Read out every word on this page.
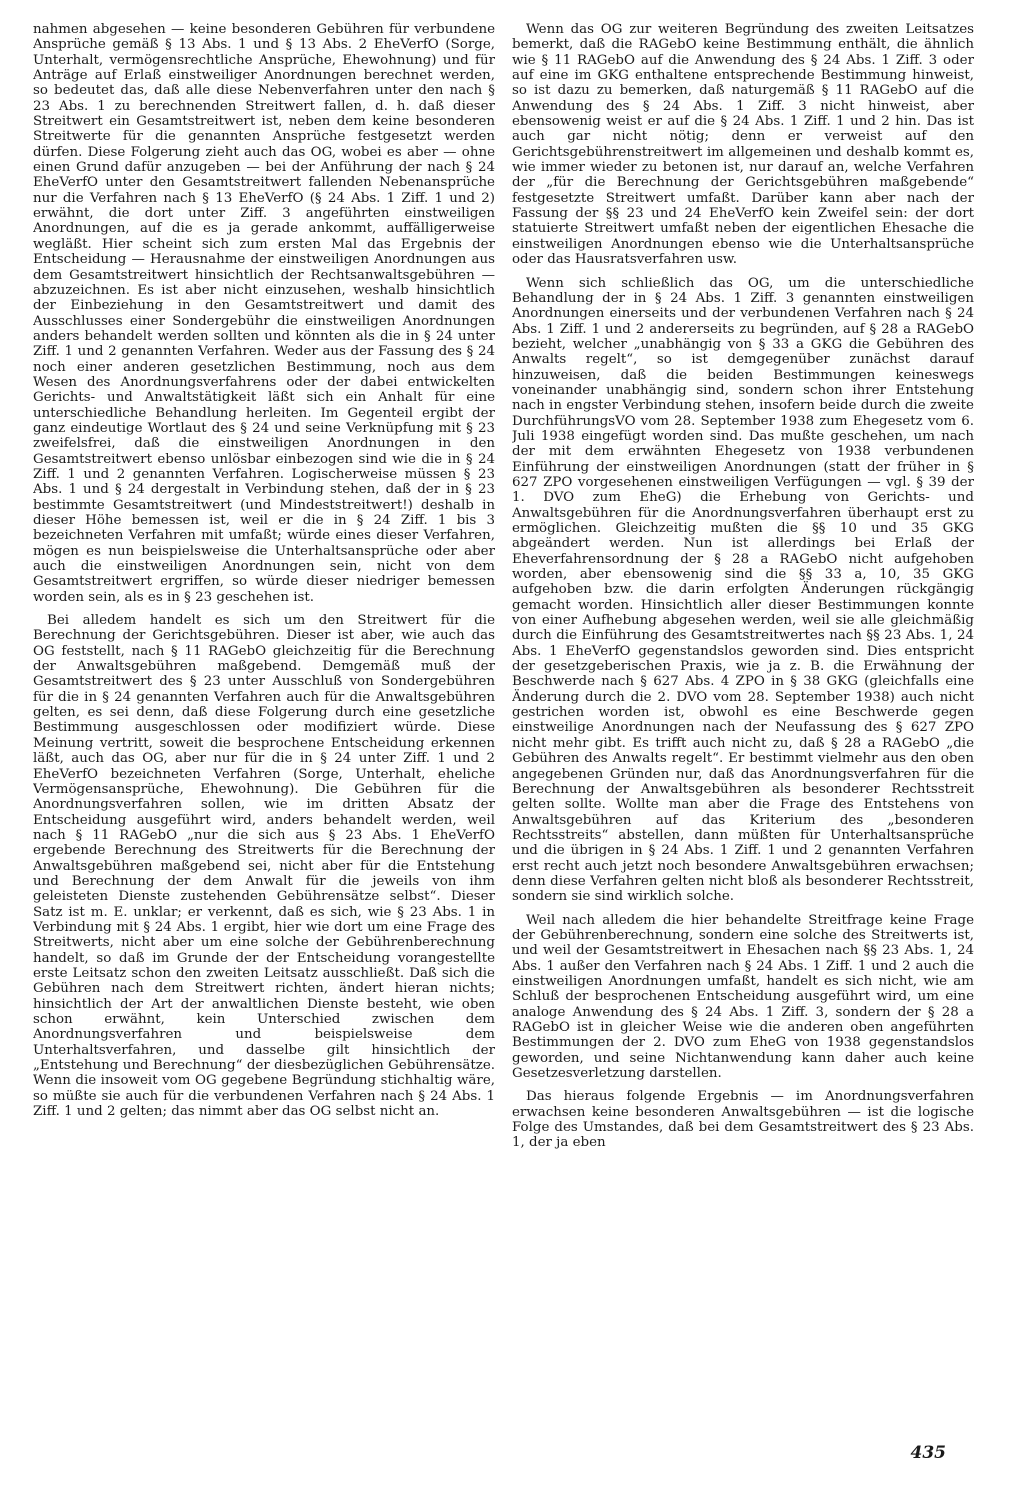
nahmen abgesehen — keine besonderen Gebühren für verbundene Ansprüche gemäß § 13 Abs. 1 und § 13 Abs. 2 EheVerfO (Sorge, Unterhalt, vermögensrechtliche Ansprüche, Ehewohnung) und für Anträge auf Erlaß einstweiliger Anordnungen berechnet werden, so bedeutet das, daß alle diese Nebenverfahren unter den nach § 23 Abs. 1 zu berechnenden Streitwert fallen, d. h. daß dieser Streitwert ein Gesamtstreitwert ist, neben dem keine besonderen Streitwerte für die genannten Ansprüche festgesetzt werden dürfen. Diese Folgerung zieht auch das OG, wobei es aber — ohne einen Grund dafür anzugeben — bei der Anführung der nach § 24 EheVerfO unter den Gesamtstreitwert fallenden Nebenansprüche nur die Verfahren nach § 13 EheVerfO (§ 24 Abs. 1 Ziff. 1 und 2) erwähnt, die dort unter Ziff. 3 angeführten einstweiligen Anordnungen, auf die es ja gerade ankommt, auffälligerweise wegläßt. Hier scheint sich zum ersten Mal das Ergebnis der Entscheidung — Herausnahme der einstweiligen Anordnungen aus dem Gesamtstreitwert hinsichtlich der Rechtsanwaltsgebühren — abzuzeichnen. Es ist aber nicht einzusehen, weshalb hinsichtlich der Einbeziehung in den Gesamtstreitwert und damit des Ausschlusses einer Sondergebühr die einstweiligen Anordnungen anders behandelt werden sollten und könnten als die in § 24 unter Ziff. 1 und 2 genannten Verfahren. Weder aus der Fassung des § 24 noch einer anderen gesetzlichen Bestimmung, noch aus dem Wesen des Anordnungsverfahrens oder der dabei entwickelten Gerichts- und Anwaltstätigkeit läßt sich ein Anhalt für eine unterschiedliche Behandlung herleiten. Im Gegenteil ergibt der ganz eindeutige Wortlaut des § 24 und seine Verknüpfung mit § 23 zweifelsfrei, daß die einstweiligen Anordnungen in den Gesamtstreitwert ebenso unlösbar einbezogen sind wie die in § 24 Ziff. 1 und 2 genannten Verfahren. Logischerweise müssen § 23 Abs. 1 und § 24 dergestalt in Verbindung stehen, daß der in § 23 bestimmte Gesamtstreitwert (und Mindeststreitwert!) deshalb in dieser Höhe bemessen ist, weil er die in § 24 Ziff. 1 bis 3 bezeichneten Verfahren mit umfaßt; würde eines dieser Verfahren, mögen es nun beispielsweise die Unterhaltsansprüche oder aber auch die einstweiligen Anordnungen sein, nicht von dem Gesamtstreitwert ergriffen, so würde dieser niedriger bemessen worden sein, als es in § 23 geschehen ist.

Bei alledem handelt es sich um den Streitwert für die Berechnung der Gerichtsgebühren. Dieser ist aber, wie auch das OG feststellt, nach § 11 RAGebO gleichzeitig für die Berechnung der Anwaltsgebühren maßgebend. Demgemäß muß der Gesamtstreitwert des § 23 unter Ausschluß von Sondergebühren für die in § 24 genannten Verfahren auch für die Anwaltsgebühren gelten, es sei denn, daß diese Folgerung durch eine gesetzliche Bestimmung ausgeschlossen oder modifiziert würde. Diese Meinung vertritt, soweit die besprochene Entscheidung erkennen läßt, auch das OG, aber nur für die in § 24 unter Ziff. 1 und 2 EheVerfO bezeichneten Verfahren (Sorge, Unterhalt, eheliche Vermögensansprüche, Ehewohnung). Die Gebühren für die Anordnungsverfahren sollen, wie im dritten Absatz der Entscheidung ausgeführt wird, anders behandelt werden, weil nach § 11 RAGebO „nur die sich aus § 23 Abs. 1 EheVerfO ergebende Berechnung des Streitwerts für die Berechnung der Anwaltsgebühren maßgebend sei, nicht aber für die Entstehung und Berechnung der dem Anwalt für die jeweils von ihm geleisteten Dienste zustehenden Gebührensätze selbst“. Dieser Satz ist m. E. unklar; er verkennt, daß es sich, wie § 23 Abs. 1 in Verbindung mit § 24 Abs. 1 ergibt, hier wie dort um eine Frage des Streitwerts, nicht aber um eine solche der Gebührenberechnung handelt, so daß im Grunde der der Entscheidung vorangestellte erste Leitsatz schon den zweiten Leitsatz ausschließt. Daß sich die Gebühren nach dem Streitwert richten, ändert hieran nichts; hinsichtlich der Art der anwaltlichen Dienste besteht, wie oben schon erwähnt, kein Unterschied zwischen dem Anordnungsverfahren und beispielsweise dem Unterhaltsverfahren, und dasselbe gilt hinsichtlich der „Entstehung und Berechnung“ der diesbezüglichen Gebührensätze. Wenn die insoweit vom OG gegebene Begründung stichhaltig wäre, so müßte sie auch für die verbundenen Verfahren nach § 24 Abs. 1 Ziff. 1 und 2 gelten; das nimmt aber das OG selbst nicht an.

Wenn das OG zur weiteren Begründung des zweiten Leitsatzes bemerkt, daß die RAGebO keine Bestimmung enthält, die ähnlich wie § 11 RAGebO auf die Anwendung des § 24 Abs. 1 Ziff. 3 oder auf eine im GKG enthaltene entsprechende Bestimmung hinweist, so ist dazu zu bemerken, daß naturgemäß § 11 RAGebO auf die Anwendung des § 24 Abs. 1 Ziff. 3 nicht hinweist, aber ebensowenig weist er auf die § 24 Abs. 1 Ziff. 1 und 2 hin. Das ist auch gar nicht nötig; denn er verweist auf den Gerichtsgebührenstreitwert im allgemeinen und deshalb kommt es, wie immer wieder zu betonen ist, nur darauf an, welche Verfahren der „für die Berechnung der Gerichtsgebühren maßgebende“ festgesetzte Streitwert umfaßt. Darüber kann aber nach der Fassung der §§ 23 und 24 EheVerfO kein Zweifel sein: der dort statuierte Streitwert umfaßt neben der eigentlichen Ehesache die einstweiligen Anordnungen ebenso wie die Unterhaltsansprüche oder das Hausratsverfahren usw.

Wenn sich schließlich das OG, um die unterschiedliche Behandlung der in § 24 Abs. 1 Ziff. 3 genannten einstweiligen Anordnungen einerseits und der verbundenen Verfahren nach § 24 Abs. 1 Ziff. 1 und 2 andererseits zu begründen, auf § 28 a RAGebO bezieht, welcher „unabhängig von § 33 a GKG die Gebühren des Anwalts regelt“, so ist demgegenüber zunächst darauf hinzuweisen, daß die beiden Bestimmungen keineswegs voneinander unabhängig sind, sondern schon ihrer Entstehung nach in engster Verbindung stehen, insofern beide durch die zweite DurchführungsVO vom 28. September 1938 zum Ehegesetz vom 6. Juli 1938 eingefügt worden sind. Das mußte geschehen, um nach der mit dem erwähnten Ehegesetz von 1938 verbundenen Einführung der einstweiligen Anordnungen (statt der früher in § 627 ZPO vorgesehenen einstweiligen Verfügungen — vgl. § 39 der 1. DVO zum EheG) die Erhebung von Gerichts- und Anwaltsgebühren für die Anordnungsverfahren überhaupt erst zu ermöglichen. Gleichzeitig mußten die §§ 10 und 35 GKG abgeändert werden. Nun ist allerdings bei Erlaß der Eheverfahrensordnung der § 28 a RAGebO nicht aufgehoben worden, aber ebensowenig sind die §§ 33 a, 10, 35 GKG aufgehoben bzw. die darin erfolgten Änderungen rückgängig gemacht worden. Hinsichtlich aller dieser Bestimmungen konnte von einer Aufhebung abgesehen werden, weil sie alle gleichmäßig durch die Einführung des Gesamtstreitwertes nach §§ 23 Abs. 1, 24 Abs. 1 EheVerfO gegenstandslos geworden sind. Dies entspricht der gesetzgeberischen Praxis, wie ja z. B. die Erwähnung der Beschwerde nach § 627 Abs. 4 ZPO in § 38 GKG (gleichfalls eine Änderung durch die 2. DVO vom 28. September 1938) auch nicht gestrichen worden ist, obwohl es eine Beschwerde gegen einstweilige Anordnungen nach der Neufassung des § 627 ZPO nicht mehr gibt. Es trifft auch nicht zu, daß § 28 a RAGebO „die Gebühren des Anwalts regelt“. Er bestimmt vielmehr aus den oben angegebenen Gründen nur, daß das Anordnungsverfahren für die Berechnung der Anwaltsgebühren als besonderer Rechtsstreit gelten sollte. Wollte man aber die Frage des Entstehens von Anwaltsgebühren auf das Kriterium des „besonderen Rechtsstreits“ abstellen, dann müßten für Unterhaltsansprüche und die übrigen in § 24 Abs. 1 Ziff. 1 und 2 genannten Verfahren erst recht auch jetzt noch besondere Anwaltsgebühren erwachsen; denn diese Verfahren gelten nicht bloß als besonderer Rechtsstreit, sondern sie sind wirklich solche.

Weil nach alledem die hier behandelte Streitfrage keine Frage der Gebührenberechnung, sondern eine solche des Streitwerts ist, und weil der Gesamtstreitwert in Ehesachen nach §§ 23 Abs. 1, 24 Abs. 1 außer den Verfahren nach § 24 Abs. 1 Ziff. 1 und 2 auch die einstweiligen Anordnungen umfaßt, handelt es sich nicht, wie am Schluß der besprochenen Entscheidung ausgeführt wird, um eine analoge Anwendung des § 24 Abs. 1 Ziff. 3, sondern der § 28 a RAGebO ist in gleicher Weise wie die anderen oben angeführten Bestimmungen der 2. DVO zum EheG von 1938 gegenstandslos geworden, und seine Nichtanwendung kann daher auch keine Gesetzesverletzung darstellen.

Das hieraus folgende Ergebnis — im Anordnungsverfahren erwachsen keine besonderen Anwaltsgebühren — ist die logische Folge des Umstandes, daß bei dem Gesamtstreitwert des § 23 Abs. 1, der ja eben

435
